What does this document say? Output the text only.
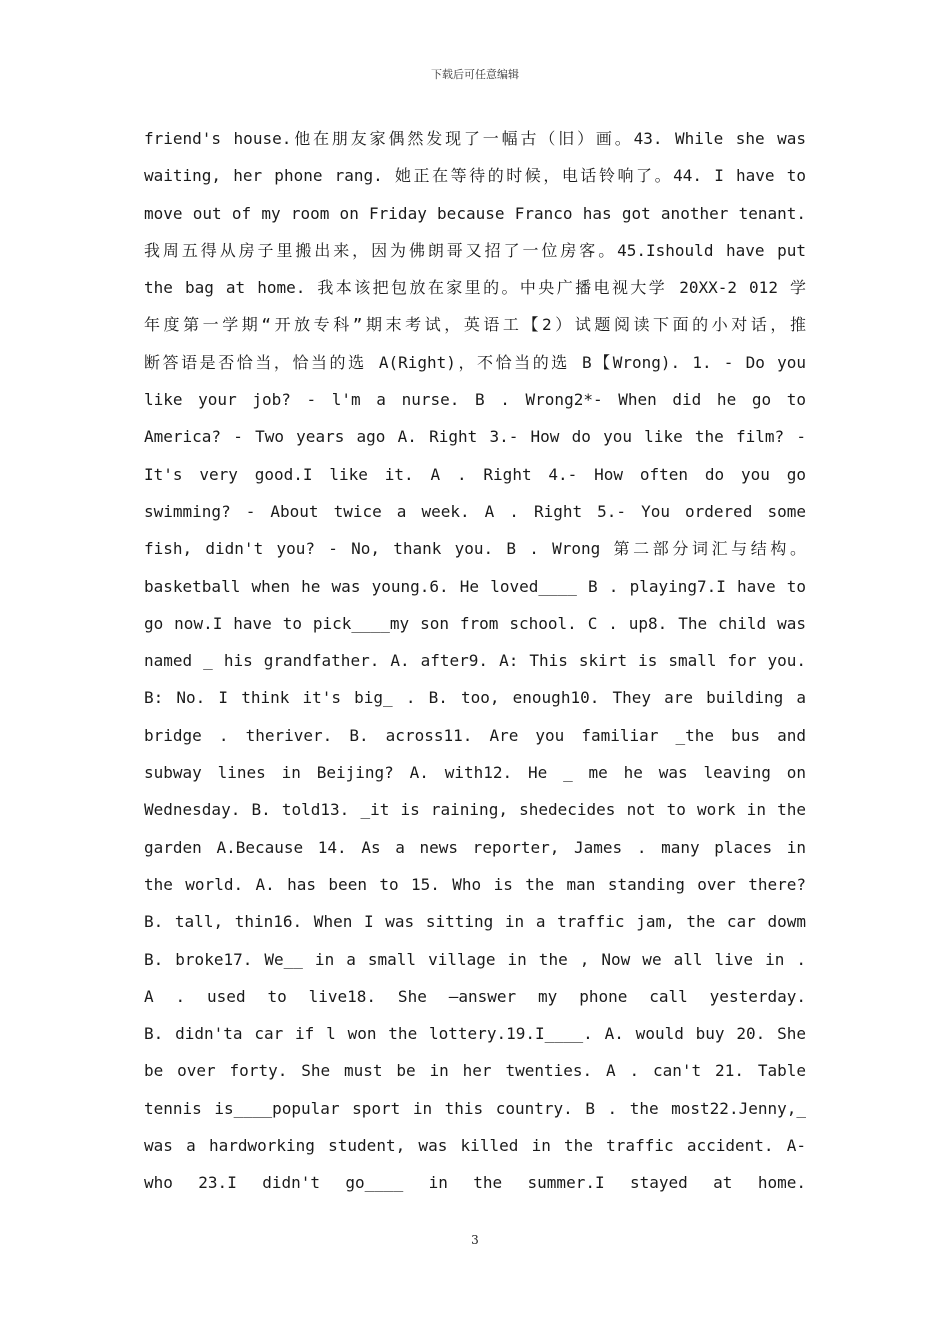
下载后可任意编辑
friend's house.他在朋友家偶然发现了一幅古（旧）画。43. While she was
waiting, her phone rang. 她正在等待的时候，电话铃响了。44. I have to
move out of my room on Friday because Franco has got another tenant.
我周五得从房子里搬出来，因为佛朗哥又招了一位房客。45.Ishould have put
the bag at home. 我本该把包放在家里的。中央广播电视大学 20XX-2 012 学
年度第一学期“开放专科”期末考试，英语工【2）试题阅读下面的小对话，推
断答语是否恰当，恰当的选 A(Right)，不恰当的选 B【Wrong). 1. - Do you
like your job? - l'm a nurse. B . Wrong2*- When did he go to
America? - Two years ago A. Right 3.- How do you like the film? -
It's very good.I like it. A . Right 4.- How often do you go
swimming? - About twice a week. A . Right 5.- You ordered some
fish, didn't you? - No, thank you. B . Wrong 第二部分词汇与结构。
basketball when he was young.6. He loved____ B . playing7.I have to
go now.I have to pick____my son from school. C . up8. The child was
named _ his grandfather. A. after9. A: This skirt is small for you.
B: No. I think it's big_ . B. too, enough10. They are building a
bridge . theriver. B. across11. Are you familiar _the bus and
subway lines in Beijing? A. with12. He _ me he was leaving on
Wednesday. B. told13. _it is raining, shedecides not to work in the
garden A.Because 14. As a news reporter, James . many places in
the world. A. has been to 15. Who is the man standing over there?
B. tall, thin16. When I was sitting in a traffic jam, the car dowm
B. broke17. We__ in a small village in the , Now we all live in .
A . used to live18. She —answer my phone call yesterday.
B. didn'ta car if l won the lottery.19.I____. A. would buy 20. She
be over forty. She must be in her twenties. A . can't 21. Table
tennis is____popular sport in this country. B . the most22.Jenny,_
was a hardworking student, was killed in the traffic accident. A-
who 23.I didn't go____ in the summer.I stayed at home.
3
